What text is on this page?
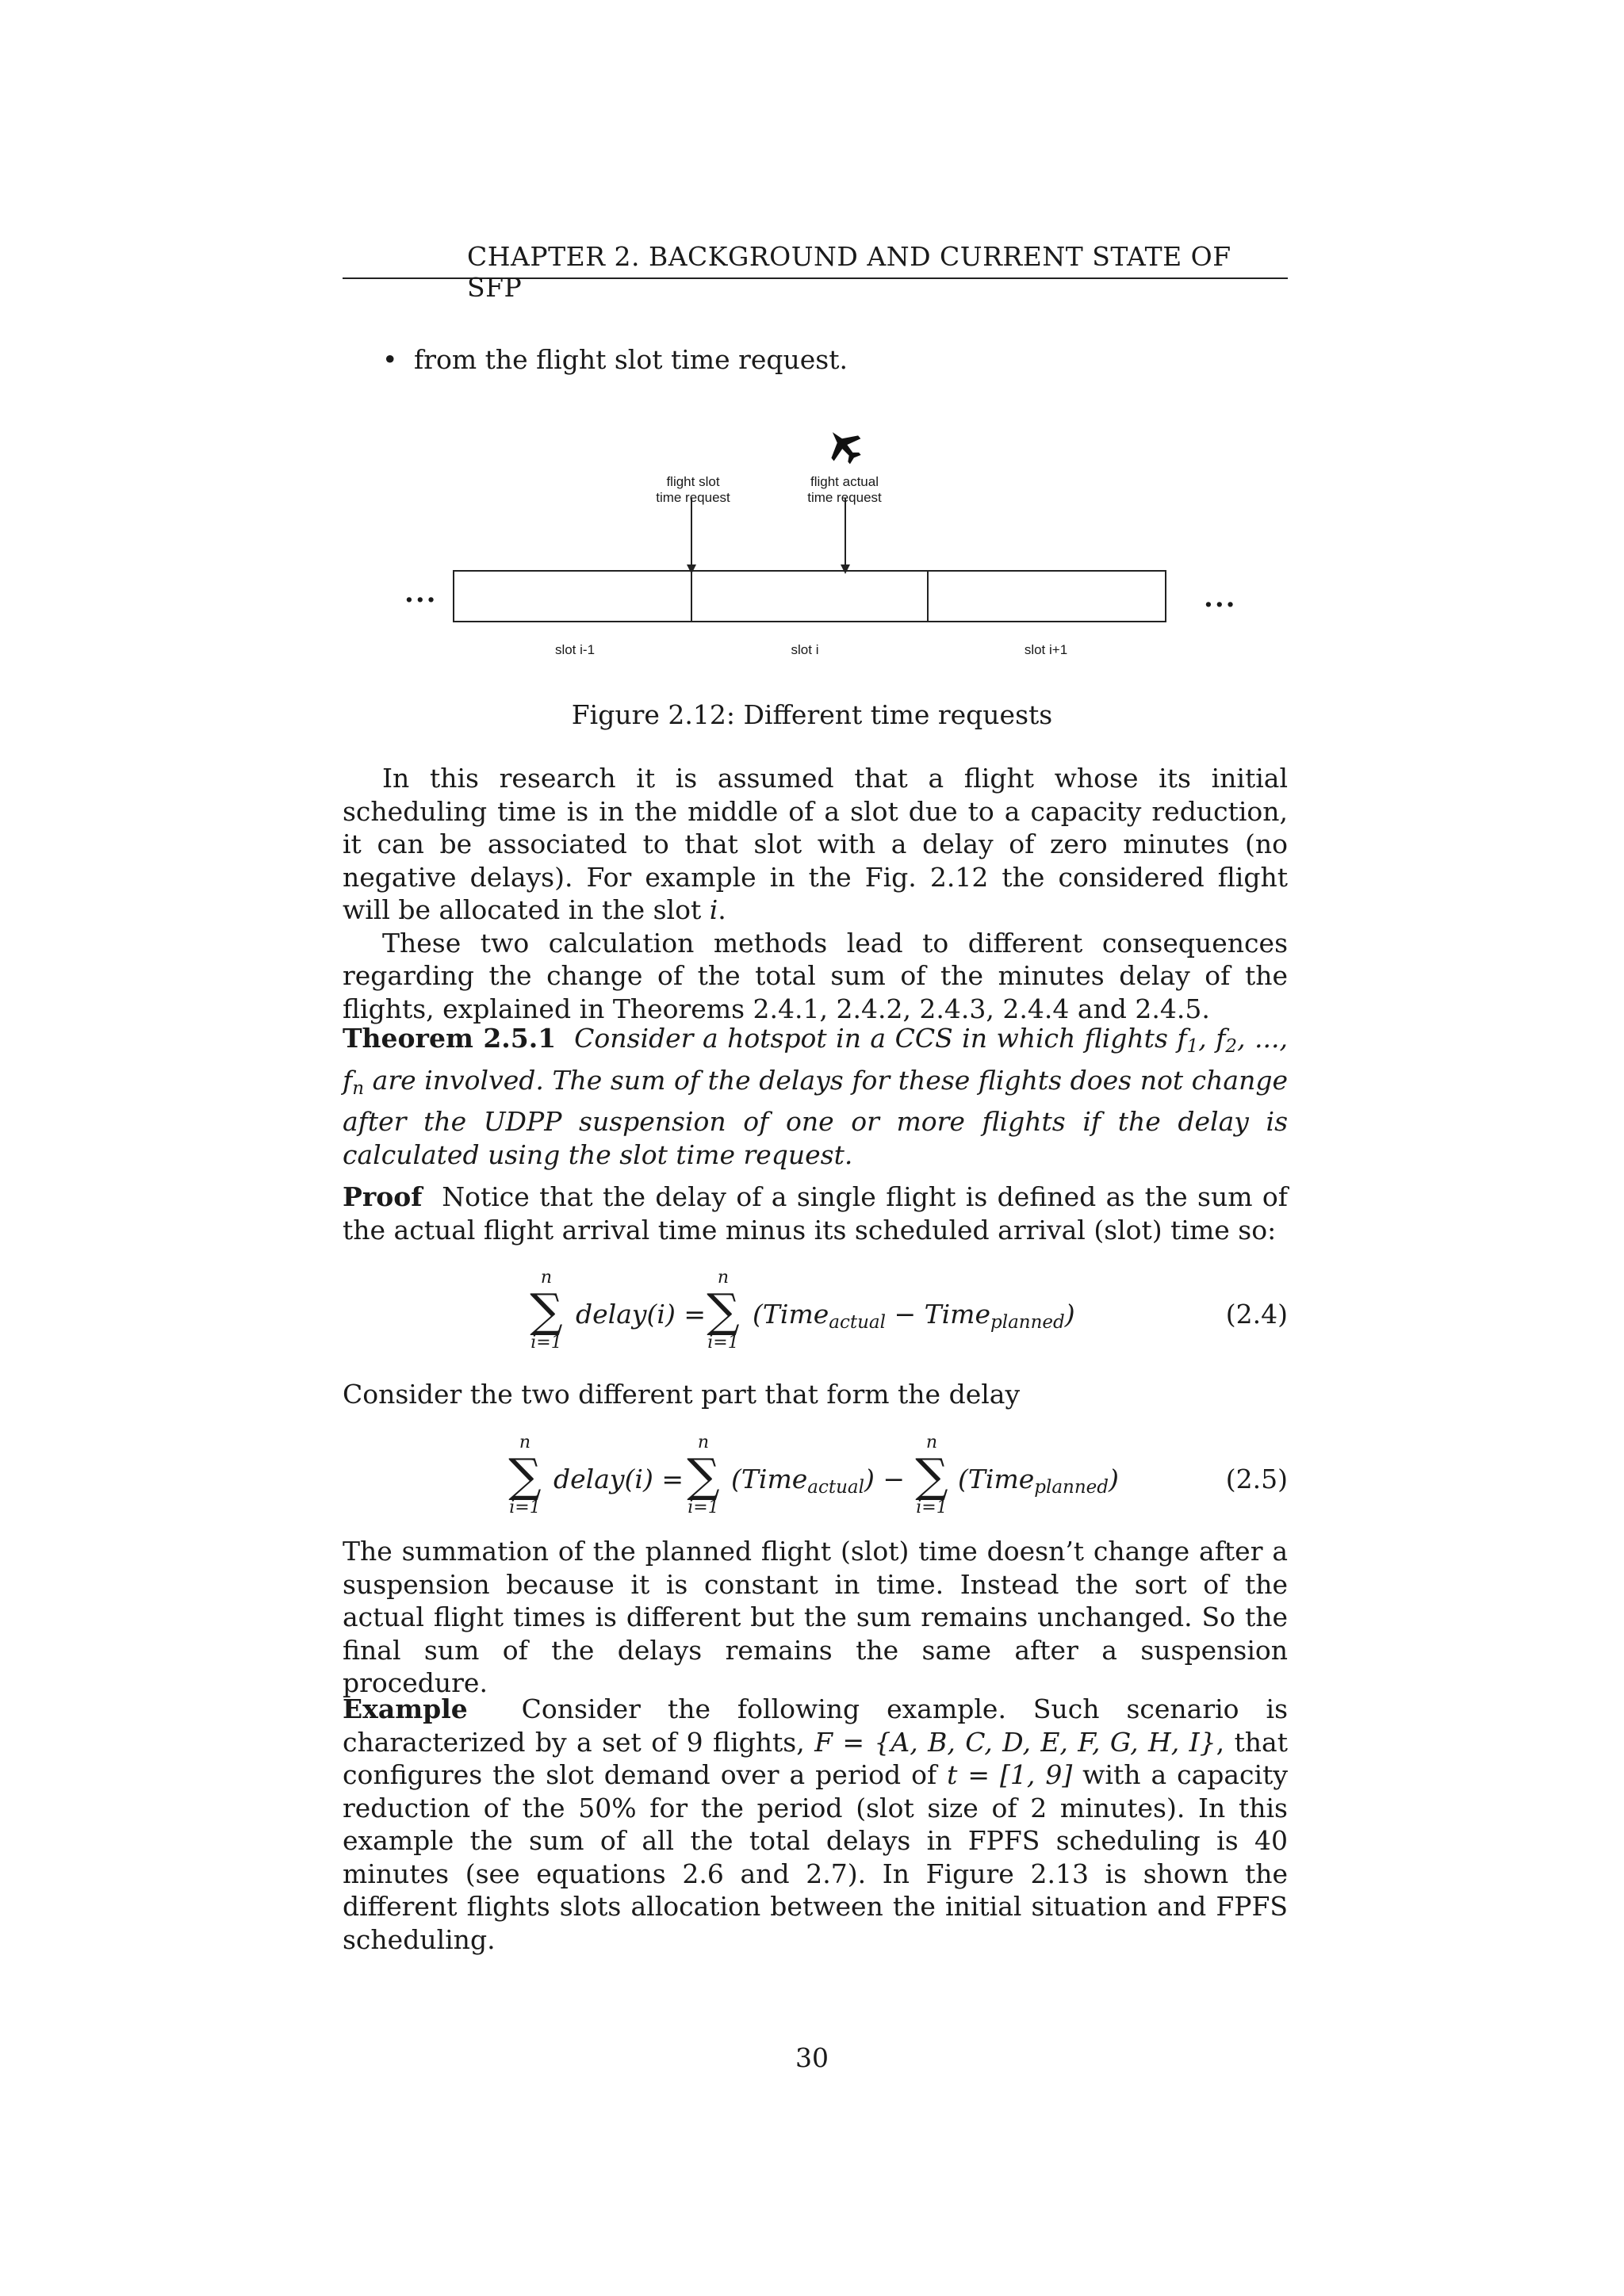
CHAPTER 2. BACKGROUND AND CURRENT STATE OF SFP
• from the flight slot time request.
flight slot
time request
flight actual
time request
...	...
slot i-1	slot i	slot i+1
Figure 2.12: Different time requests

In this research it is assumed that a flight whose its initial scheduling time is in the middle of a slot due to a capacity reduction, it can be associated to that slot with a delay of zero minutes (no negative delays). For example in the Fig. 2.12 the considered flight will be allocated in the slot i.

These two calculation methods lead to different consequences regarding the change of the total sum of the minutes delay of the flights, explained in Theorems 2.4.1, 2.4.2, 2.4.3, 2.4.4 and 2.4.5.

Theorem 2.5.1 Consider a hotspot in a CCS in which flights $f_1$, $f_2$, ..., $f_n$ are involved. The sum of the delays for these flights does not change after the UDPP suspension of one or more flights if the delay is calculated using the slot time request.

Proof Notice that the delay of a single flight is defined as the sum of the actual flight arrival time minus its scheduled arrival (slot) time so:

n
∑
i=1
delay(i) =
n
∑
i=1
(Time$_{actual}$ − Time$_{planned}$)	(2.4)
Consider the two different part that form the delay
n
∑
i=1
delay(i) =
n
∑
i=1
(Time$_{actual}$) −
n
∑
i=1
(Time$_{planned}$)	(2.5)
The summation of the planned flight (slot) time doesn’t change after a suspension because it is constant in time. Instead the sort of the actual flight times is different but the sum remains unchanged. So the final sum of the delays remains the same after a suspension procedure.

Example Consider the following example. Such scenario is characterized by a set of 9 flights, F = {A, B, C, D, E, F, G, H, I}, that configures the slot demand over a period of t = [1, 9] with a capacity reduction of the 50% for the period (slot size of 2 minutes). In this example the sum of all the total delays in FPFS scheduling is 40 minutes (see equations 2.6 and 2.7). In Figure 2.13 is shown the different flights slots allocation between the initial situation and FPFS scheduling.

30
